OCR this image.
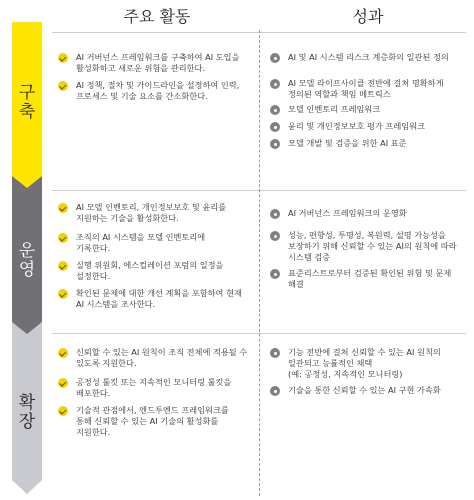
주요 활동	성과
구
축
운
영
확
장
AI 거버넌스 프레임워크를 구축하여 AI 도입을
활성화하고 새로운 위험을 관리한다.
AI 정책, 절차 및 가이드라인을 설정하여 인력,
프로세스 및 기술 요소를 간소화한다.
AI 및 AI 시스템 리스크 계층화의 일관된 정의
AI 모델 라이프사이클 전반에 걸쳐 명확하게
정의된 역할과 책임 메트릭스
모델 인벤토리 프레임워크
윤리 및 개인정보보호 평가 프레임워크
모델 개발 및 검증을 위한 AI 표준
AI 모델 인벤토리, 개인정보보호 및 윤리를
지원하는 기술을 활성화한다.
조직의 AI 시스템을 모델 인벤토리에
기록한다.
실행 위원회, 에스컬레이션 포럼의 일정을
설정한다.
확인된 문제에 대한 개선 계획을 포함하여 현재
AI 시스템을 조사한다.
AI 거버넌스 프레임워크의 운영화
성능, 편향성, 투명성, 복원력, 설명 가능성을
보장하기 위해 신뢰할 수 있는 AI의 원칙에 따라
시스템 검증
표준리스트로부터 검증된 확인된 위험 및 문제
해결
신뢰할 수 있는 AI 원칙이 조직 전체에 적용될 수
있도록 지원한다.
공정성 툴킷 또는 지속적인 모니터링 툴킷을
배포한다.
기술적 관점에서, 엔드투엔드 프레임워크를
통해 신뢰할 수 있는 AI 기술의 활성화를
지원한다.
기능 전반에 걸쳐 신뢰할 수 있는 AI 원칙의
일관되고 능률적인 채택
(예: 공정성, 지속적인 모니터링)
기술을 통한 신뢰할 수 있는 AI 구현 가속화
